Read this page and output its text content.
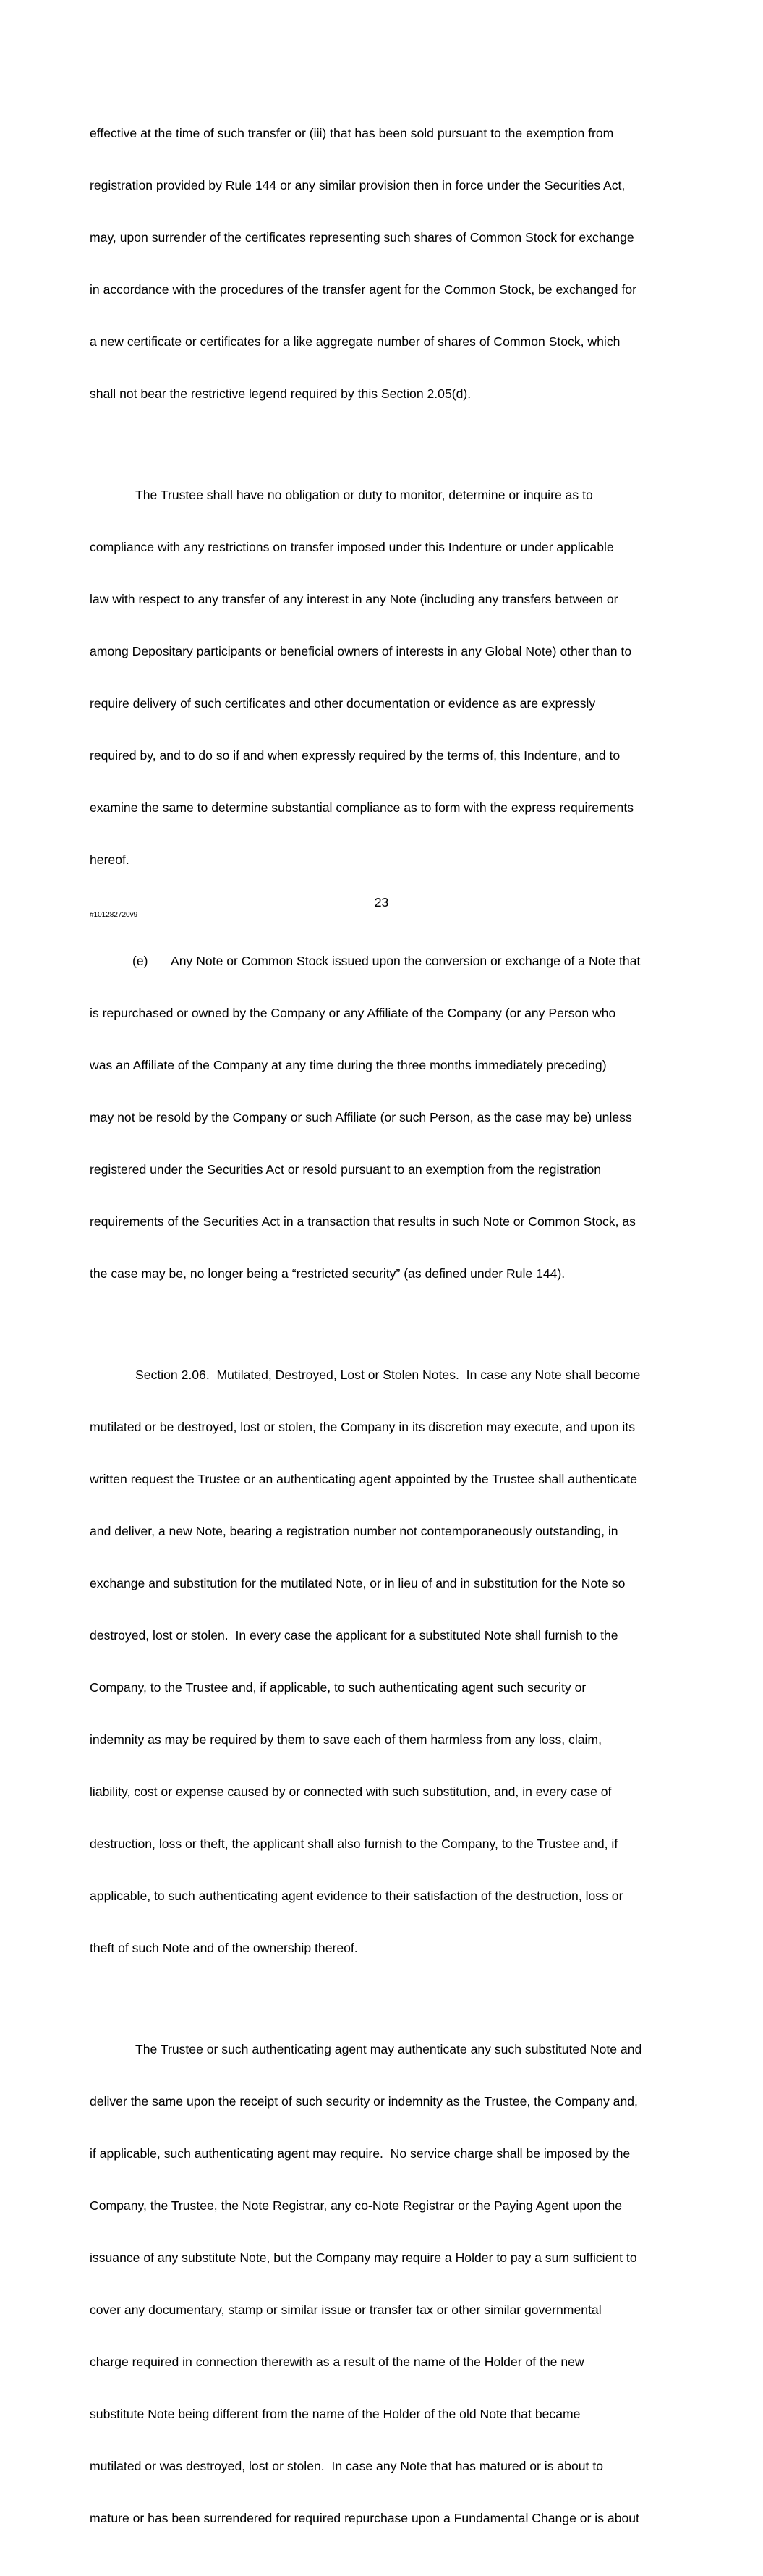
effective at the time of such transfer or (iii) that has been sold pursuant to the exemption from

registration provided by Rule 144 or any similar provision then in force under the Securities Act,

may, upon surrender of the certificates representing such shares of Common Stock for exchange

in accordance with the procedures of the transfer agent for the Common Stock, be exchanged for

a new certificate or certificates for a like aggregate number of shares of Common Stock, which

shall not bear the restrictive legend required by this Section 2.05(d).

The Trustee shall have no obligation or duty to monitor, determine or inquire as to

compliance with any restrictions on transfer imposed under this Indenture or under applicable

law with respect to any transfer of any interest in any Note (including any transfers between or

among Depositary participants or beneficial owners of interests in any Global Note) other than to

require delivery of such certificates and other documentation or evidence as are expressly

required by, and to do so if and when expressly required by the terms of, this Indenture, and to

examine the same to determine substantial compliance as to form with the express requirements

hereof.

(e) Any Note or Common Stock issued upon the conversion or exchange of a Note that

is repurchased or owned by the Company or any Affiliate of the Company (or any Person who

was an Affiliate of the Company at any time during the three months immediately preceding)

may not be resold by the Company or such Affiliate (or such Person, as the case may be) unless

registered under the Securities Act or resold pursuant to an exemption from the registration

requirements of the Securities Act in a transaction that results in such Note or Common Stock, as

the case may be, no longer being a “restricted security” (as defined under Rule 144).

Section 2.06.  Mutilated, Destroyed, Lost or Stolen Notes.  In case any Note shall become

mutilated or be destroyed, lost or stolen, the Company in its discretion may execute, and upon its

written request the Trustee or an authenticating agent appointed by the Trustee shall authenticate

and deliver, a new Note, bearing a registration number not contemporaneously outstanding, in

exchange and substitution for the mutilated Note, or in lieu of and in substitution for the Note so

destroyed, lost or stolen.  In every case the applicant for a substituted Note shall furnish to the

Company, to the Trustee and, if applicable, to such authenticating agent such security or

indemnity as may be required by them to save each of them harmless from any loss, claim,

liability, cost or expense caused by or connected with such substitution, and, in every case of

destruction, loss or theft, the applicant shall also furnish to the Company, to the Trustee and, if

applicable, to such authenticating agent evidence to their satisfaction of the destruction, loss or

theft of such Note and of the ownership thereof.

The Trustee or such authenticating agent may authenticate any such substituted Note and

deliver the same upon the receipt of such security or indemnity as the Trustee, the Company and,

if applicable, such authenticating agent may require.  No service charge shall be imposed by the

Company, the Trustee, the Note Registrar, any co-Note Registrar or the Paying Agent upon the

issuance of any substitute Note, but the Company may require a Holder to pay a sum sufficient to

cover any documentary, stamp or similar issue or transfer tax or other similar governmental

charge required in connection therewith as a result of the name of the Holder of the new

substitute Note being different from the name of the Holder of the old Note that became

mutilated or was destroyed, lost or stolen.  In case any Note that has matured or is about to

mature or has been surrendered for required repurchase upon a Fundamental Change or is about

23
#101282720v9
